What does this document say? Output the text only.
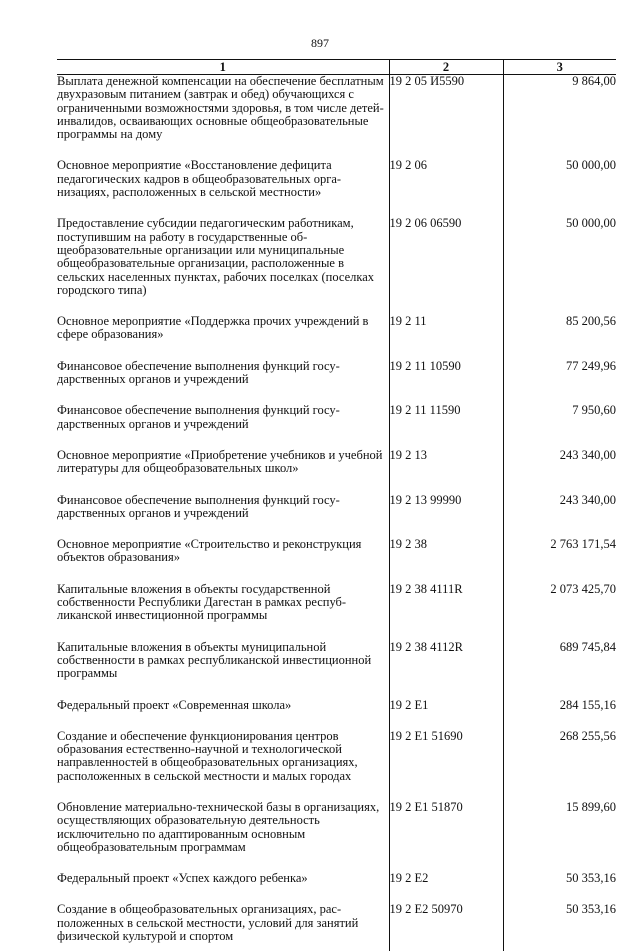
897
1	2	3
Выплата денежной компенсации на обеспечение бесплатным двухразовым питанием (завтрак и обед) обучающихся с ограниченными возможностями здоровья, в том числе детей-инвалидов, осваивающих основные общеобразовательные программы на дому	19 2 05 И5590	9 864,00

Основное мероприятие «Восстановление дефицита педагогических кадров в общеобразовательных организациях, расположенных в сельской местности»	19 2 06	50 000,00

Предоставление субсидии педагогическим работникам, поступившим на работу в государственные общеобразовательные организации или муниципальные общеобразовательные организации, расположенные в сельских населенных пунктах, рабочих поселках (поселках городского типа)	19 2 06 06590	50 000,00

Основное мероприятие «Поддержка прочих учреждений в сфере образования»	19 2 11	85 200,56

Финансовое обеспечение выполнения функций государственных органов и учреждений	19 2 11 10590	77 249,96

Финансовое обеспечение выполнения функций государственных органов и учреждений	19 2 11 11590	7 950,60

Основное мероприятие «Приобретение учебников и учебной литературы для общеобразовательных школ»	19 2 13	243 340,00

Финансовое обеспечение выполнения функций государственных органов и учреждений	19 2 13 99990	243 340,00

Основное мероприятие «Строительство и реконструкция объектов образования»	19 2 38	2 763 171,54

Капитальные вложения в объекты государственной собственности Республики Дагестан в рамках республиканской инвестиционной программы	19 2 38 4111R	2 073 425,70

Капитальные вложения в объекты муниципальной собственности в рамках республиканской инвестиционной программы	19 2 38 4112R	689 745,84

Федеральный проект «Современная школа»	19 2 E1	284 155,16

Создание и обеспечение функционирования центров образования естественно-научной и технологической направленностей в общеобразовательных организациях, расположенных в сельской местности и малых городах	19 2 E1 51690	268 255,56

Обновление материально-технической базы в организациях, осуществляющих образовательную деятельность исключительно по адаптированным основным общеобразовательным программам	19 2 E1 51870	15 899,60

Федеральный проект «Успех каждого ребенка»	19 2 E2	50 353,16

Создание в общеобразовательных организациях, расположенных в сельской местности, условий для занятий физической культурой и спортом	19 2 E2 50970	50 353,16
